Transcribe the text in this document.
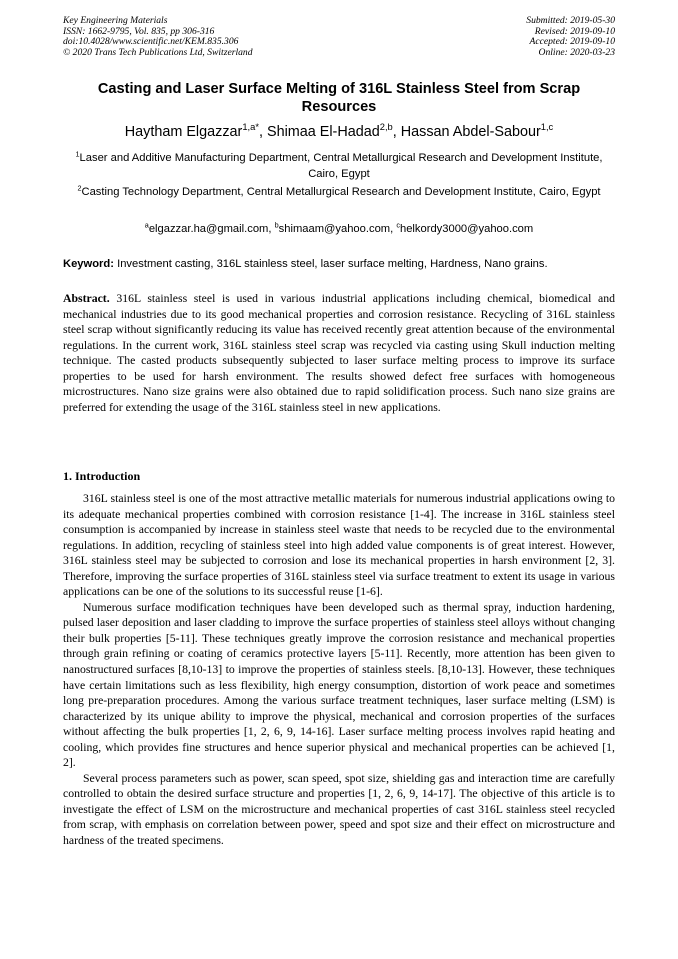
Key Engineering Materials
ISSN: 1662-9795, Vol. 835, pp 306-316
doi:10.4028/www.scientific.net/KEM.835.306
© 2020 Trans Tech Publications Ltd, Switzerland
Submitted: 2019-05-30
Revised: 2019-09-10
Accepted: 2019-09-10
Online: 2020-03-23
Casting and Laser Surface Melting of 316L Stainless Steel from Scrap Resources
Haytham Elgazzar$^{1,a*}$, Shimaa El-Hadad$^{2,b}$, Hassan Abdel-Sabour$^{1,c}$

$^1$Laser and Additive Manufacturing Department, Central Metallurgical Research and Development Institute, Cairo, Egypt

$^2$Casting Technology Department, Central Metallurgical Research and Development Institute, Cairo, Egypt

$^a$elgazzar.ha@gmail.com, $^b$shimaam@yahoo.com, $^c$helkordy3000@yahoo.com
Keyword: Investment casting, 316L stainless steel, laser surface melting, Hardness, Nano grains.

Abstract. 316L stainless steel is used in various industrial applications including chemical, biomedical and mechanical industries due to its good mechanical properties and corrosion resistance. Recycling of 316L stainless steel scrap without significantly reducing its value has received recently great attention because of the environmental regulations. In the current work, 316L stainless steel scrap was recycled via casting using Skull induction melting technique. The casted products subsequently subjected to laser surface melting process to improve its surface properties to be used for harsh environment. The results showed defect free surfaces with homogeneous microstructures. Nano size grains were also obtained due to rapid solidification process. Such nano size grains are preferred for extending the usage of the 316L stainless steel in new applications.

1. Introduction

316L stainless steel is one of the most attractive metallic materials for numerous industrial applications owing to its adequate mechanical properties combined with corrosion resistance [1-4]. The increase in 316L stainless steel consumption is accompanied by increase in stainless steel waste that needs to be recycled due to the environmental regulations. In addition, recycling of stainless steel into high added value components is of great interest. However, 316L stainless steel may be subjected to corrosion and lose its mechanical properties in harsh environment [2, 3]. Therefore, improving the surface properties of 316L stainless steel via surface treatment to extent its usage in various applications can be one of the solutions to its successful reuse [1-6].

Numerous surface modification techniques have been developed such as thermal spray, induction hardening, pulsed laser deposition and laser cladding to improve the surface properties of stainless steel alloys without changing their bulk properties [5-11]. These techniques greatly improve the corrosion resistance and mechanical properties through grain refining or coating of ceramics protective layers [5-11]. Recently, more attention has been given to nanostructured surfaces [8,10-13] to improve the properties of stainless steels. [8,10-13]. However, these techniques have certain limitations such as less flexibility, high energy consumption, distortion of work peace and sometimes long pre-preparation procedures. Among the various surface treatment techniques, laser surface melting (LSM) is characterized by its unique ability to improve the physical, mechanical and corrosion properties of the surfaces without affecting the bulk properties [1, 2, 6, 9, 14-16]. Laser surface melting process involves rapid heating and cooling, which provides fine structures and hence superior physical and mechanical properties can be achieved [1, 2].

Several process parameters such as power, scan speed, spot size, shielding gas and interaction time are carefully controlled to obtain the desired surface structure and properties [1, 2, 6, 9, 14-17]. The objective of this article is to investigate the effect of LSM on the microstructure and mechanical properties of cast 316L stainless steel recycled from scrap, with emphasis on correlation between power, speed and spot size and their effect on microstructure and hardness of the treated specimens.
